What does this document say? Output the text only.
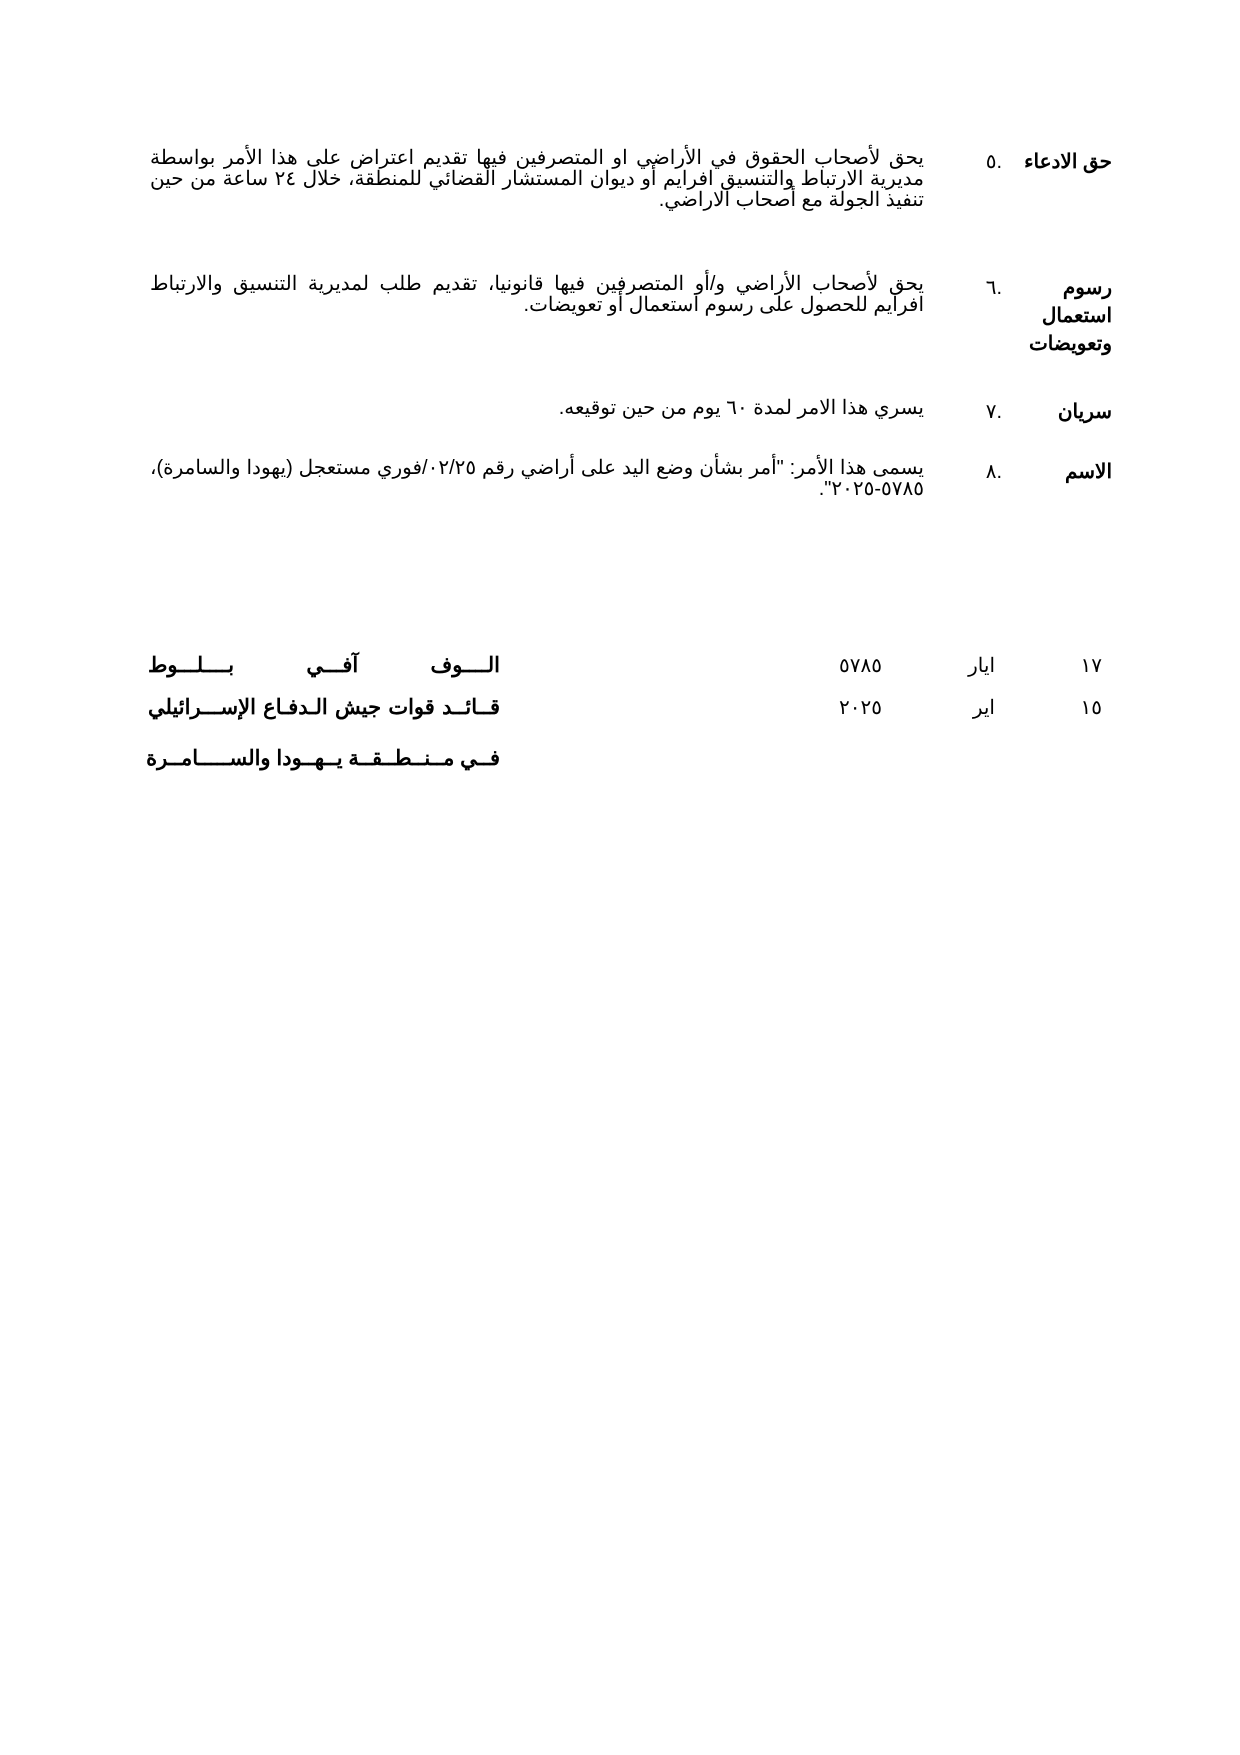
حق الادعاء
.٥
يحق لأصحاب الحقوق في الأراضي او المتصرفين فيها تقديم اعتراض على هذا الأمر بواسطة مديرية الارتباط والتنسيق افرايم أو ديوان المستشار القضائي للمنطقة، خلال ٢٤ ساعة من حين تنفيذ الجولة مع أصحاب الاراضي.
رسوم استعمال وتعويضات
.٦
يحق لأصحاب الأراضي و/أو المتصرفين فيها قانونيا، تقديم طلب لمديرية التنسيق والارتباط افرايم للحصول على رسوم استعمال أو تعويضات.
سريان
.٧
يسري هذا الامر لمدة ٦٠ يوم من حين توقيعه.
الاسم
.٨
يسمى هذا الأمر: "أمر بشأن وضع اليد على أراضي رقم ٠٢/٢٥/فوري مستعجل (يهودا والسامرة)، ٥٧٨٥-٢٠٢٥".
١٧
ايار
٥٧٨٥
الــــوف آفـــي بــــلـــوط
١٥
اير
٢٠٢٥
قــائــد قوات جيش الـدفـاع الإســـرائيلي
فــي مــنــطــقــة يــهــودا والســـــامــرة
